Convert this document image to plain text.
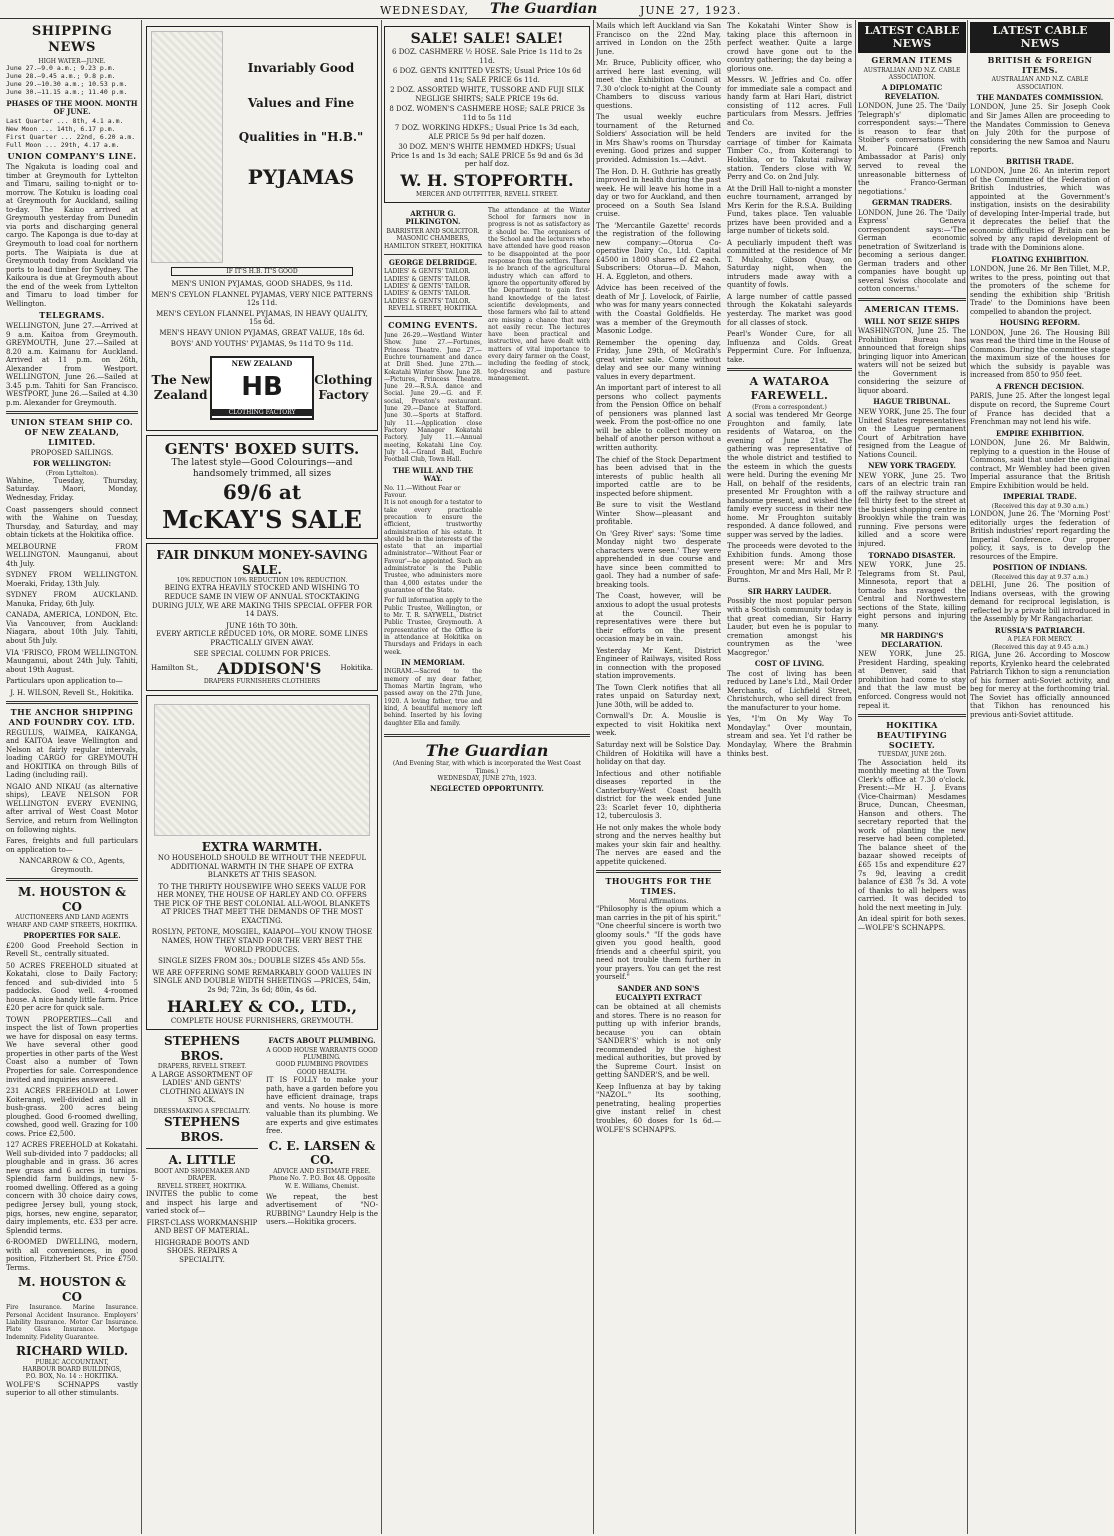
WEDNESDAY, The Guardian	JUNE 27, 1923.
SHIPPING NEWS
HIGH WATER—JUNE.
June 27.—9.0 a.m.; 9.23 p.m.
June 28.—9.45 a.m.; 9.8 p.m.
June 29.—10.30 a.m.; 10.53 p.m.
June 30.—11.15 a.m.; 11.40 p.m.
PHASES OF THE MOON. MONTH OF JUNE.
Last Quarter ... 8th, 4.1 a.m.
New Moon ... 14th, 6.17 p.m.
First Quarter ... 22nd, 6.20 a.m.
Full Moon ... 29th, 4.17 a.m.
UNION COMPANY'S LINE.

The Ngakuta is loading coal and timber at Greymouth for Lyttelton and Timaru, sailing to-night or to-morrow. The Kotuku is loading coal at Greymouth for Auckland, sailing to-day. The Kaiuo arrived at Greymouth yesterday from Dunedin via ports and discharging general cargo. The Kaponga is due to-day at Greymouth to load coal for northern ports. The Waipiata is due at Greymouth today from Auckland via ports to load timber for Sydney. The Kaikoura is due at Greymouth about the end of the week from Lyttelton and Timaru to load timber for Wellington.

TELEGRAMS.

WELLINGTON, June 27.—Arrived at 9 a.m. Kaitoa from Greymouth. GREYMOUTH, June 27.—Sailed at 8.20 a.m. Kaimanu for Auckland. Arrived at 11 p.m. on 26th, Alexander from Westport. WELLINGTON, June 26.—Sailed at 3.45 p.m. Tahiti for San Francisco. WESTPORT, June 26.—Sailed at 4.30 p.m. Alexander for Greymouth.

UNION STEAM SHIP CO. OF NEW ZEALAND, LIMITED.
PROPOSED SAILINGS.
FOR WELLINGTON:
(From Lyttelton).

Wahine, Tuesday, Thursday, Saturday. Maori, Monday, Wednesday, Friday.

Coast passengers should connect with the Wahine on Tuesday, Thursday, and Saturday, and may obtain tickets at the Hokitika office.

MELBOURNE FROM WELLINGTON. Maunganui, about 4th July.

SYDNEY FROM WELLINGTON. Moeraki, Friday, 13th July.

SYDNEY FROM AUCKLAND. Manuka, Friday, 6th July.

CANADA, AMERICA, LONDON, Etc. Via Vancouver, from Auckland: Niagara, about 10th July. Tahiti, about 5th July.

VIA 'FRISCO, FROM WELLINGTON. Maunganui, about 24th July. Tahiti, about 19th August.

Particulars upon application to—

J. H. WILSON, Revell St., Hokitika.
THE ANCHOR SHIPPING AND FOUNDRY COY. LTD.

REGULUS, WAIMEA, KAIKANGA, and KAITOA leave Wellington and Nelson at fairly regular intervals, loading CARGO for GREYMOUTH and HOKITIKA on through Bills of Lading (including rail).

NGAIO AND NIKAU (as alternative ships), LEAVE NELSON FOR WELLINGTON EVERY EVENING, after arrival of West Coast Motor Service, and return from Wellington on following nights.

Fares, freights and full particulars on application to—

NANCARROW & CO., Agents, Greymouth.
M. HOUSTON & CO
AUCTIONEERS AND LAND AGENTS
WHARF AND CAMP STREETS, HOKITIKA.
PROPERTIES FOR SALE.

£200 Good Freehold Section in Revell St., centrally situated.

50 ACRES FREEHOLD situated at Kokatahi, close to Daily Factory; fenced and sub-divided into 5 paddocks. Good well. 4-roomed house. A nice handy little farm. Price £20 per acre for quick sale.

TOWN PROPERTIES—Call and inspect the list of Town properties we have for disposal on easy terms. We have several other good properties in other parts of the West Coast also a number of Town Properties for sale. Correspondence invited and inquiries answered.

231 ACRES FREEHOLD at Lower Koiterangi, well-divided and all in bush-grass. 200 acres being ploughed. Good 6-roomed dwelling, cowshed, good well. Grazing for 100 cows. Price £2,500.

127 ACRES FREEHOLD at Kokatahi. Well sub-divided into 7 paddocks; all ploughable and in grass. 36 acres new grass and 6 acres in turnips. Splendid farm buildings, new 5-roomed dwelling. Offered as a going concern with 30 choice dairy cows, pedigree Jersey bull, young stock, pigs, horses, new engine, separator, dairy implements, etc. £33 per acre. Splendid terms.

6-ROOMED DWELLING, modern, with all conveniences, in good position, Fitzherbert St. Price £750. Terms.

M. HOUSTON & CO

Fire Insurance. Marine Insurance. Personal Accident Insurance. Employers' Liability Insurance. Motor Car Insurance. Plate Glass Insurance. Mortgage Indemnity. Fidelity Guarantee.

RICHARD WILD.
PUBLIC ACCOUNTANT,
HARBOUR BOARD BUILDINGS,
P.O. BOX, No. 14 :: HOKITIKA.

WOLFE'S SCHNAPPS vastly superior to all other stimulants.

Invariably Good
Values and Fine
Qualities in "H.B."
PYJAMAS
IF IT'S H.B. IT'S GOOD
MEN'S UNION PYJAMAS, GOOD SHADES, 9s 11d.
MEN'S CEYLON FLANNEL PYJAMAS, VERY NICE PATTERNS 12s 11d.
MEN'S CEYLON FLANNEL PYJAMAS, IN HEAVY QUALITY, 15s 6d.
MEN'S HEAVY UNION PYJAMAS, GREAT VALUE, 18s 6d.
BOYS' AND YOUTHS' PYJAMAS, 9s 11d TO 9s 11d.
The New Zealand
NEW ZEALAND
HB
CLOTHING FACTORY
Clothing Factory
GENTS' BOXED SUITS.
The latest style—Good Colourings—and handsomely trimmed, all sizes
69/6 at
McKAY'S SALE
FAIR DINKUM MONEY-SAVING SALE.
10% REDUCTION 10% REDUCTION 10% REDUCTION.

BEING EXTRA HEAVILY STOCKED AND WISHING TO REDUCE SAME IN VIEW OF ANNUAL STOCKTAKING DURING JULY, WE ARE MAKING THIS SPECIAL OFFER FOR 14 DAYS.

JUNE 16th TO 30th.

EVERY ARTICLE REDUCED 10%, OR MORE. SOME LINES PRACTICALLY GIVEN AWAY.

SEE SPECIAL COLUMN FOR PRICES.
Hamilton St., ADDISON'S	Hokitika.
DRAPERS FURNISHERS CLOTHIERS
EXTRA WARMTH.

NO HOUSEHOLD SHOULD BE WITHOUT THE NEEDFUL ADDITIONAL WARMTH IN THE SHAPE OF EXTRA BLANKETS AT THIS SEASON.

TO THE THRIFTY HOUSEWIFE WHO SEEKS VALUE FOR HER MONEY, THE HOUSE OF HARLEY AND CO. OFFERS THE PICK OF THE BEST COLONIAL ALL-WOOL BLANKETS AT PRICES THAT MEET THE DEMANDS OF THE MOST EXACTING.

ROSLYN, PETONE, MOSGIEL, KAIAPOI—YOU KNOW THOSE NAMES, HOW THEY STAND FOR THE VERY BEST THE WORLD PRODUCES.

SINGLE SIZES FROM 30s.; DOUBLE SIZES 45s AND 55s.

WE ARE OFFERING SOME REMARKABLY GOOD VALUES IN SINGLE AND DOUBLE WIDTH SHEETINGS —PRICES, 54in, 2s 9d; 72in, 3s 6d; 80in, 4s 6d.

HARLEY & CO., LTD.,
COMPLETE HOUSE FURNISHERS, GREYMOUTH.
STEPHENS BROS.
DRAPERS, REVELL STREET.

A LARGE ASSORTMENT OF LADIES' AND GENTS' CLOTHING ALWAYS IN STOCK.

DRESSMAKING A SPECIALITY.
STEPHENS BROS.
A. LITTLE
BOOT AND SHOEMAKER AND DRAPER.
REVELL STREET, HOKITIKA.

INVITES the public to come and inspect his large and varied stock of—

FIRST-CLASS WORKMANSHIP AND BEST OF MATERIAL.

HIGHGRADE BOOTS AND SHOES. REPAIRS A SPECIALITY.

FACTS ABOUT PLUMBING.
A GOOD HOUSE WARRANTS GOOD PLUMBING.
GOOD PLUMBING PROVIDES GOOD HEALTH.

IT IS FOLLY to make your path, have a garden before you have efficient drainage, traps and vents. No house is more valuable than its plumbing. We are experts and give estimates free.

C. E. LARSEN & CO.

ADVICE AND ESTIMATE FREE. Phone No. 7. P.O. Box 48. Opposite W. E. Williams, Chemist.

We repeat, the best advertisement of "NO-RUBBING" Laundry Help is the users.—Hokitika grocers.

SALE! SALE! SALE!
6 DOZ. CASHMERE ½ HOSE. Sale Price 1s 11d to 2s 11d.
6 DOZ. GENTS KNITTED VESTS; Usual Price 10s 6d and 11s; SALE PRICE 6s 11d.
2 DOZ. ASSORTED WHITE, TUSSORE AND FUJI SILK NEGLIGE SHIRTS; SALE PRICE 19s 6d.
8 DOZ. WOMEN'S CASHMERE HOSE; SALE PRICE 3s 11d to 5s 11d
7 DOZ. WORKING HDKFS.; Usual Price 1s 3d each, ALE PRICE 5s 9d per half dozen.
30 DOZ. MEN'S WHITE HEMMED HDKFS; Usual Price 1s and 1s 3d each; SALE PRICE 5s 9d and 6s 3d per half doz.
W. H. STOPFORTH.
MERCER AND OUTFITTER, REVELL STREET.
ARTHUR G. PILKINGTON.
BARRISTER AND SOLICITOR.
MASONIC CHAMBERS, HAMILTON STREET, HOKITIKA
GEORGE DELBRIDGE.
LADIES' & GENTS' TAILOR.
LADIES' & GENTS' TAILOR.
LADIES' & GENTS' TAILOR.
LADIES' & GENTS' TAILOR.
LADIES' & GENTS' TAILOR.
REVELL STREET, HOKITIKA.
COMING EVENTS.

June 26-29.—Westland Winter Show. June 27.—Fortunes, Princess Theatre. June 27.—Euchre tournament and dance at Drill Shed. June 27th.—Kokatahi Winter Show. June 28.—Pictures, Princess Theatre. June 29.—R.S.A. dance and Social. June 29.—G. and F. social, Preston's restaurant. June 29.—Dance at Stafford. June 30.—Sports at Stafford. July 11.—Application close Factory Manager Kokatahi Factory. July 11.—Annual meeting, Kokatahi Line Coy. July 14.—Grand Ball, Euchre Football Club, Town Hall.

THE WILL AND THE WAY.
No. 11.—Without Fear or Favour.

It is not enough for a testator to take every practicable precaution to ensure the efficient, trustworthy administration of his estate. It should be in the interests of the estate that an impartial administrator—'Without Fear or Favour'—be appointed. Such an administrator is the Public Trustee, who administers more than 4,000 estates under the guarantee of the State.

For full information apply to the Public Trustee, Wellington, or to Mr. T. R. SAYWELL, District Public Trustee, Greymouth. A representative of the Office is in attendance at Hokitika on Thursdays and Fridays in each week.

IN MEMORIAM.

INGRAM.—Sacred to the memory of my dear father, Thomas Martin Ingram, who passed away on the 27th June, 1920. A loving father, true and kind, A beautiful memory left behind. Inserted by his loving daughter Ella and family.

The attendance at the Winter School for farmers now in progress is not as satisfactory as it should be. The organisers of the School and the lecturers who have attended have good reason to be disappointed at the poor response from the settlers. There is no branch of the agricultural industry which can afford to ignore the opportunity offered by the Department to gain first-hand knowledge of the latest scientific developments, and those farmers who fail to attend are missing a chance that may not easily recur. The lectures have been practical and instructive, and have dealt with matters of vital importance to every dairy farmer on the Coast, including the feeding of stock, top-dressing and pasture management.

The Guardian
(And Evening Star, with which is incorporated the West Coast Times.)
WEDNESDAY, JUNE 27th, 1923.
NEGLECTED OPPORTUNITY.

Mails which left Auckland via San Francisco on the 22nd May, arrived in London on the 25th June.

Mr. Bruce, Publicity officer, who arrived here last evening, will meet the Exhibition Council at 7.30 o'clock to-night at the County Chambers to discuss various questions.

The usual weekly euchre tournament of the Returned Soldiers' Association will be held in Mrs Shaw's rooms on Thursday evening. Good prizes and supper provided. Admission 1s.—Advt.

The Hon. D. H. Guthrie has greatly improved in health during the past week. He will leave his home in a day or two for Auckland, and then proceed on a South Sea Island cruise.

The 'Mercantile Gazette' records the registration of the following new company:—Otorua Co-operative Dairy Co., Ltd. Capital £4500 in 1800 shares of £2 each. Subscribers: Otorua—D. Mahon, H. A. Eggleton, and others.

Advice has been received of the death of Mr J. Lovelock, of Fairlie, who was for many years connected with the Coastal Goldfields. He was a member of the Greymouth Masonic Lodge.

Remember the opening day, Friday, June 29th, of McGrath's great winter sale. Come without delay and see our many winning values in every department.

An important part of interest to all persons who collect payments from the Pension Office on behalf of pensioners was planned last week. From the post-office no one will be able to collect money on behalf of another person without a written authority.

The chief of the Stock Department has been advised that in the interests of public health all imported cattle are to be inspected before shipment.

Be sure to visit the Westland Winter Show—pleasant and profitable.

On 'Grey River' says: 'Some time Monday night two desperate characters were seen.' They were apprehended in due course and have since been committed to gaol. They had a number of safe-breaking tools.

The Coast, however, will be anxious to adopt the usual protests at the Council. Their representatives were there but their efforts on the present occasion may be in vain.

Yesterday Mr Kent, District Engineer of Railways, visited Ross in connection with the proposed station improvements.

The Town Clerk notifies that all rates unpaid on Saturday next, June 30th, will be added to.

Cornwall's Dr. A. Mouslie is expected to visit Hokitika next week.

Saturday next will be Solstice Day. Children of Hokitika will have a holiday on that day.

Infectious and other notifiable diseases reported in the Canterbury-West Coast health district for the week ended June 23: Scarlet fever 10, diphtheria 12, tuberculosis 3.

He not only makes the whole body strong and the nerves healthy but makes your skin fair and healthy. The nerves are eased and the appetite quickened.

THOUGHTS FOR THE TIMES.
Moral Affirmations.

"Philosophy is the opium which a man carries in the pit of his spirit." "One cheerful sincere is worth two gloomy souls." "If the gods have given you good health, good friends and a cheerful spirit, you need not trouble them further in your prayers. You can get the rest yourself."

SANDER AND SON'S EUCALYPTI EXTRACT

can be obtained at all chemists and stores. There is no reason for putting up with inferior brands, because you can obtain 'SANDER'S' which is not only recommended by the highest medical authorities, but proved by the Supreme Court. Insist on getting SANDER'S, and be well.

Keep Influenza at bay by taking "NAZOL." Its soothing, penetrating, healing properties give instant relief in chest troubles, 60 doses for 1s 6d.—WOLFE'S SCHNAPPS.

The Kokatahi Winter Show is taking place this afternoon in perfect weather. Quite a large crowd have gone out to the country gathering; the day being a glorious one.

Messrs. W. Jeffries and Co. offer for immediate sale a compact and handy farm at Hari Hari, district consisting of 112 acres. Full particulars from Messrs. Jeffries and Co.

Tenders are invited for the carriage of timber for Kaimata Timber Co., from Koiterangi to Hokitika, or to Takutai railway station. Tenders close with W. Perry and Co. on 2nd July.

At the Drill Hall to-night a monster euchre tournament, arranged by Mrs Kerin for the R.S.A. Building Fund, takes place. Ten valuable prizes have been provided and a large number of tickets sold.

A peculiarly impudent theft was committed at the residence of Mr T. Mulcahy, Gibson Quay, on Saturday night, when the intruders made away with a quantity of fowls.

A large number of cattle passed through the Kokatahi saleyards yesterday. The market was good for all classes of stock.

Pearl's Wonder Cure, for all Influenza and Colds. Great Peppermint Cure. For Influenza, take.

A WATAROA FAREWELL.
(From a correspondent.)

A social was tendered Mr George Froughton and family, late residents of Wataroa, on the evening of June 21st. The gathering was representative of the whole district and testified to the esteem in which the guests were held. During the evening Mr Hall, on behalf of the residents, presented Mr Froughton with a handsome present, and wished the family every success in their new home. Mr Froughton suitably responded. A dance followed, and supper was served by the ladies.

The proceeds were devoted to the Exhibition funds. Among those present were: Mr and Mrs Froughton, Mr and Mrs Hall, Mr P. Burns.

SIR HARRY LAUDER.

Possibly the most popular person with a Scottish community today is that great comedian, Sir Harry Lauder, but even he is popular to cremation amongst his countrymen as the 'wee Macgregor.'

COST OF LIVING.

The cost of living has been reduced by Lane's Ltd., Mail Order Merchants, of Lichfield Street, Christchurch, who sell direct from the manufacturer to your home.

Yes, "I'm On My Way To Mondaylay." Over mountain, stream and sea. Yet I'd rather be Mondaylay, Where the Brahmin thinks best.

LATEST CABLE NEWS
GERMAN ITEMS
AUSTRALIAN AND N.Z. CABLE ASSOCIATION.
A DIPLOMATIC REVELATION.

LONDON, June 25. The 'Daily Telegraph's' diplomatic correspondent says:—'There is reason to fear that Stoiber's conversations with M. Poincaré (French Ambassador at Paris) only served to reveal the unreasonable bitterness of the Franco-German negotiations.'

GERMAN TRADERS.

LONDON, June 26. The 'Daily Express' Geneva correspondent says:—'The German economic penetration of Switzerland is becoming a serious danger. German traders and other companies have bought up several Swiss chocolate and cotton concerns.'

AMERICAN ITEMS.
WILL NOT SEIZE SHIPS

WASHINGTON, June 25. The Prohibition Bureau has announced that foreign ships bringing liquor into American waters will not be seized but the Government is considering the seizure of liquor aboard.

HAGUE TRIBUNAL.

NEW YORK, June 25. The four United States representatives on the League permanent Court of Arbitration have resigned from the League of Nations Council.

NEW YORK TRAGEDY.

NEW YORK, June 25. Two cars of an electric train ran off the railway structure and fell thirty feet to the street at the busiest shopping centre in Brooklyn while the train was running. Five persons were killed and a score were injured.

TORNADO DISASTER.

NEW YORK, June 25. Telegrams from St. Paul, Minnesota, report that a tornado has ravaged the Central and Northwestern sections of the State, killing eight persons and injuring many.

MR HARDING'S DECLARATION.

NEW YORK, June 25. President Harding, speaking at Denver, said that prohibition had come to stay and that the law must be enforced. Congress would not repeal it.

HOKITIKA BEAUTIFYING SOCIETY.
TUESDAY, JUNE 26th.

The Association held its monthly meeting at the Town Clerk's office at 7.30 o'clock. Present:—Mr H. J. Evans (Vice-Chairman) Mesdames Bruce, Duncan, Cheesman, Hanson and others. The secretary reported that the work of planting the new reserve had been completed. The balance sheet of the bazaar showed receipts of £65 15s and expenditure £27 7s 9d, leaving a credit balance of £38 7s 3d. A vote of thanks to all helpers was carried. It was decided to hold the next meeting in July.

An ideal spirit for both sexes.—WOLFE'S SCHNAPPS.

LATEST CABLE NEWS
BRITISH & FOREIGN ITEMS.
AUSTRALIAN AND N.Z. CABLE ASSOCIATION.
THE MANDATES COMMISSION.

LONDON, June 25. Sir Joseph Cook and Sir James Allen are proceeding to the Mandates Commission to Geneva on July 20th for the purpose of considering the new Samoa and Nauru reports.

BRITISH TRADE.

LONDON, June 26. An interim report of the Committee of the Federation of British Industries, which was appointed at the Government's instigation, insists on the desirability of developing Inter-Imperial trade, but it deprecates the belief that the economic difficulties of Britain can be solved by any rapid development of trade with the Dominions alone.

FLOATING EXHIBITION.

LONDON, June 26. Mr Ben Tillet, M.P., writes to the press, pointing out that the promoters of the scheme for sending the exhibition ship 'British Trade' to the Dominions have been compelled to abandon the project.

HOUSING REFORM.

LONDON, June 26. The Housing Bill was read the third time in the House of Commons. During the committee stage the maximum size of the houses for which the subsidy is payable was increased from 850 to 950 feet.

A FRENCH DECISION.

PARIS, June 25. After the longest legal dispute on record, the Supreme Court of France has decided that a Frenchman may not lend his wife.

EMPIRE EXHIBITION.

LONDON, June 26. Mr Baldwin, replying to a question in the House of Commons, said that under the original contract, Mr Wembley had been given Imperial assurance that the British Empire Exhibition would be held.

IMPERIAL TRADE.
(Received this day at 9.30 a.m.)

LONDON, June 26. The 'Morning Post' editorially urges the federation of British industries' report regarding the Imperial Conference. Our proper policy, it says, is to develop the resources of the Empire.

POSITION OF INDIANS.
(Received this day at 9.37 a.m.)

DELHI, June 26. The position of Indians overseas, with the growing demand for reciprocal legislation, is reflected by a private bill introduced in the Assembly by Mr Rangachariar.

RUSSIA'S PATRIARCH.
A PLEA FOR MERCY.
(Received this day at 9.45 a.m.)

RIGA, June 26. According to Moscow reports, Krylenko heard the celebrated Patriarch Tikhon to sign a renunciation of his former anti-Soviet activity, and beg for mercy at the forthcoming trial. The Soviet has officially announced that Tikhon has renounced his previous anti-Soviet attitude.
